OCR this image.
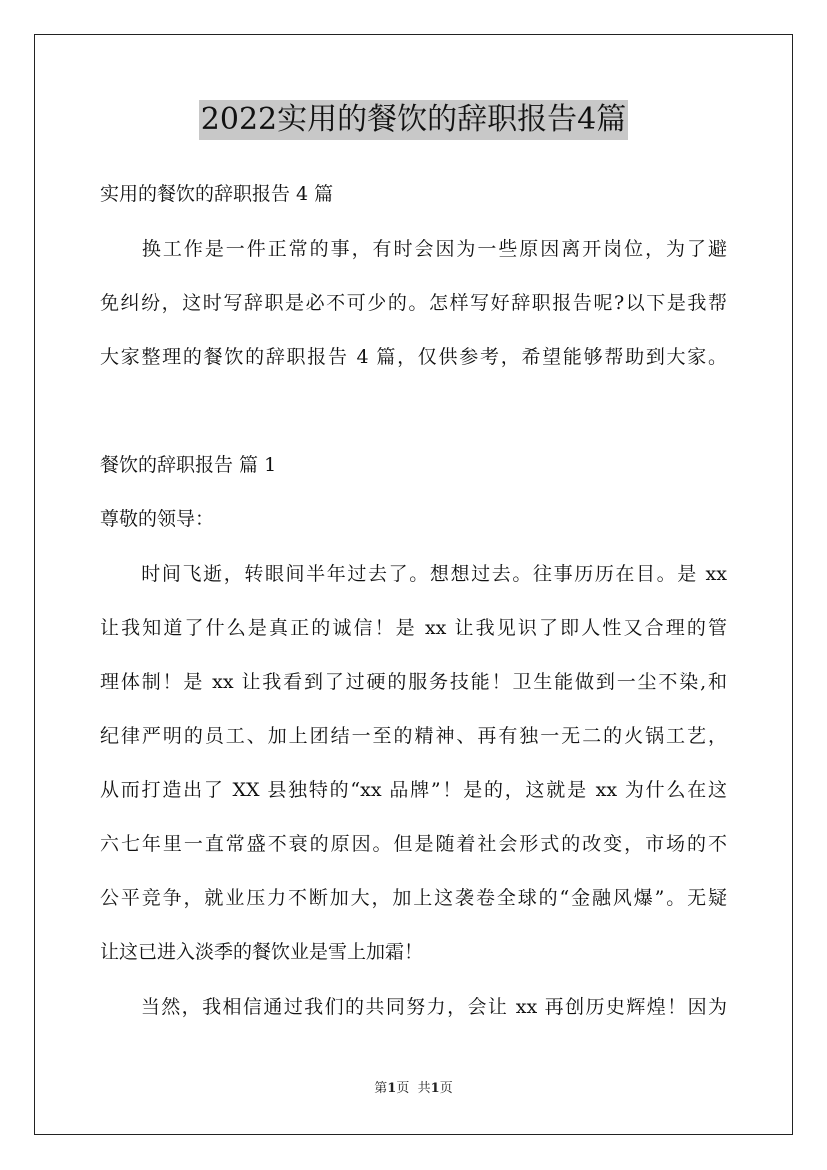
2022实用的餐饮的辞职报告4篇
实用的餐饮的辞职报告 4 篇
　　换工作是一件正常的事，有时会因为一些原因离开岗位，为了避
免纠纷，这时写辞职是必不可少的。怎样写好辞职报告呢?以下是我帮
大家整理的餐饮的辞职报告 4 篇，仅供参考，希望能够帮助到大家。
餐饮的辞职报告 篇 1
尊敬的领导：
　　时间飞逝，转眼间半年过去了。想想过去。往事历历在目。是 xx
让我知道了什么是真正的诚信！是 xx 让我见识了即人性又合理的管
理体制！是 xx 让我看到了过硬的服务技能！卫生能做到一尘不染,和
纪律严明的员工、加上团结一至的精神、再有独一无二的火锅工艺，
从而打造出了 XX 县独特的“xx 品牌”！是的，这就是 xx 为什么在这
六七年里一直常盛不衰的原因。但是随着社会形式的改变，市场的不
公平竞争，就业压力不断加大，加上这袭卷全球的“金融风爆”。无疑
让这已进入淡季的餐饮业是雪上加霜！
　　当然，我相信通过我们的共同努力，会让 xx 再创历史辉煌！因为
第1页 共1页
